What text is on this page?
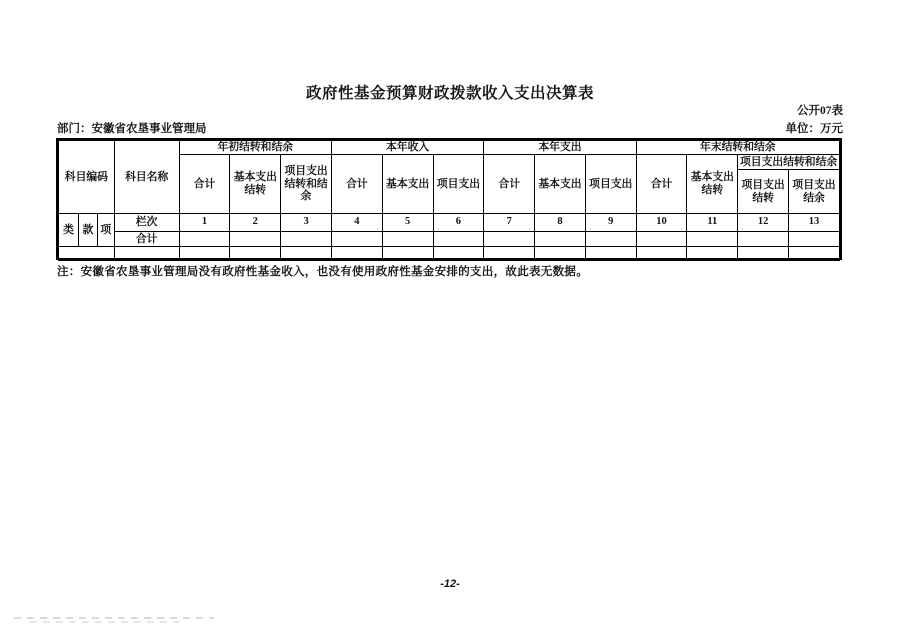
政府性基金预算财政拨款收入支出决算表
公开07表
部门：安徽省农垦事业管理局	单位：万元
科目编码			科目名称	年初结转和结余			本年收入			本年支出			年末结转和结余			
				合计	基本支出结转	项目支出结转和结余	合计	基本支出	项目支出	合计	基本支出	项目支出	合计	基本支出结转	项目支出结转和结余	
															项目支出结转	项目支出结余
类	款	项	栏次	1	2	3	4	5	6	7	8	9	10	11	12	13
			合计													

注：安徽省农垦事业管理局没有政府性基金收入，也没有使用政府性基金安排的支出，故此表无数据。
-12-
